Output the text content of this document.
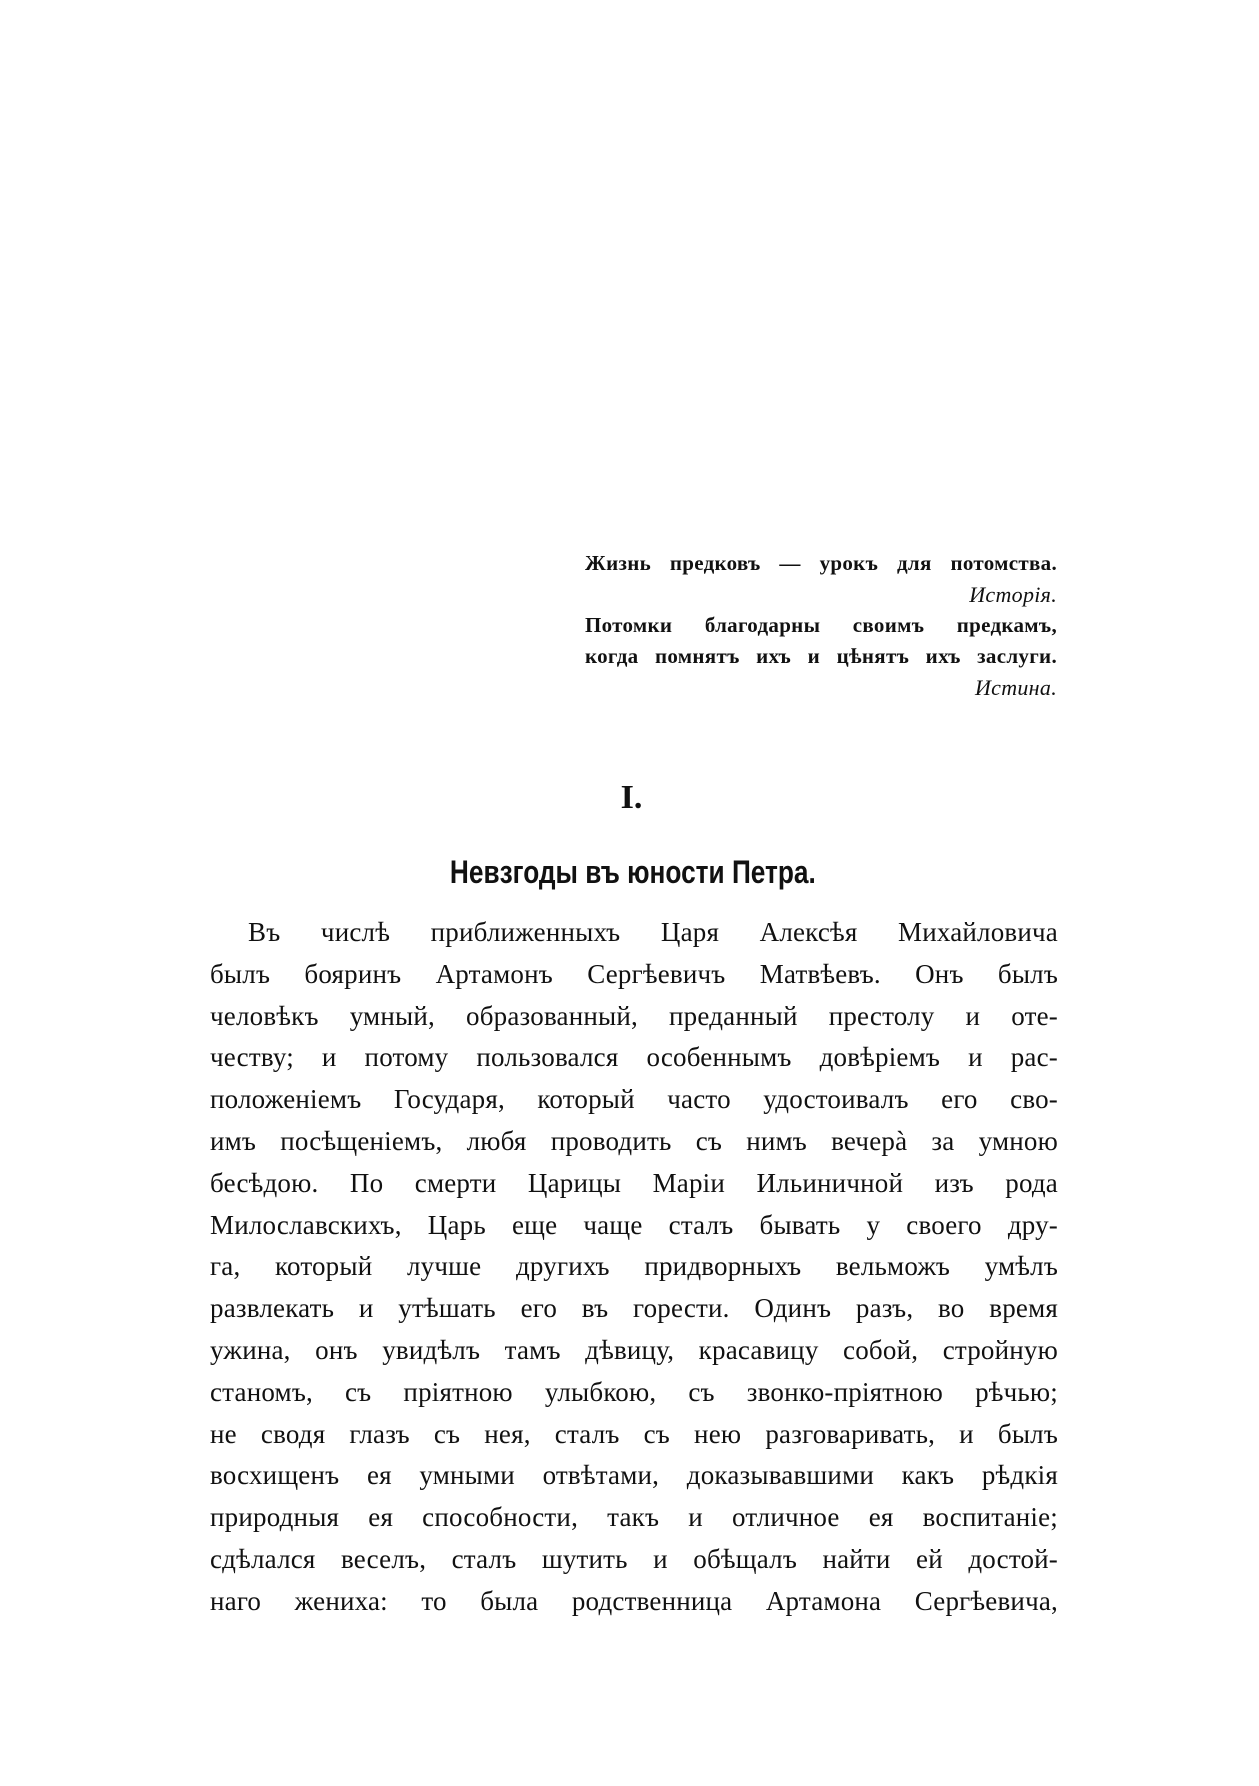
Жизнь предковъ — урокъ для потомства.
Исторія.
Потомки благодарны своимъ предкамъ,
когда помнятъ ихъ и цѣнятъ ихъ заслуги.
Истина.
I.
Невзгоды въ юности Петра.
Въ числѣ приближенныхъ Царя Алексѣя Михайловича
былъ бояринъ Артамонъ Сергѣевичъ Матвѣевъ. Онъ былъ
человѣкъ умный, образованный, преданный престолу и оте-
честву; и потому пользовался особеннымъ довѣріемъ и рас-
положеніемъ Государя, который часто удостоивалъ его сво-
имъ посѣщеніемъ, любя проводить съ нимъ вечерà за умною
бесѣдою. По смерти Царицы Маріи Ильиничной изъ рода
Милославскихъ, Царь еще чаще сталъ бывать у своего дру-
га, который лучше другихъ придворныхъ вельможъ умѣлъ
развлекать и утѣшать его въ горести. Одинъ разъ, во время
ужина, онъ увидѣлъ тамъ дѣвицу, красавицу собой, стройную
станомъ, съ пріятною улыбкою, съ звонко-пріятною рѣчью;
не сводя глазъ съ нея, сталъ съ нею разговаривать, и былъ
восхищенъ ея умными отвѣтами, доказывавшими какъ рѣдкія
природныя ея способности, такъ и отличное ея воспитаніе;
сдѣлался веселъ, сталъ шутить и обѣщалъ найти ей достой-
наго жениха: то была родственница Артамона Сергѣевича,
